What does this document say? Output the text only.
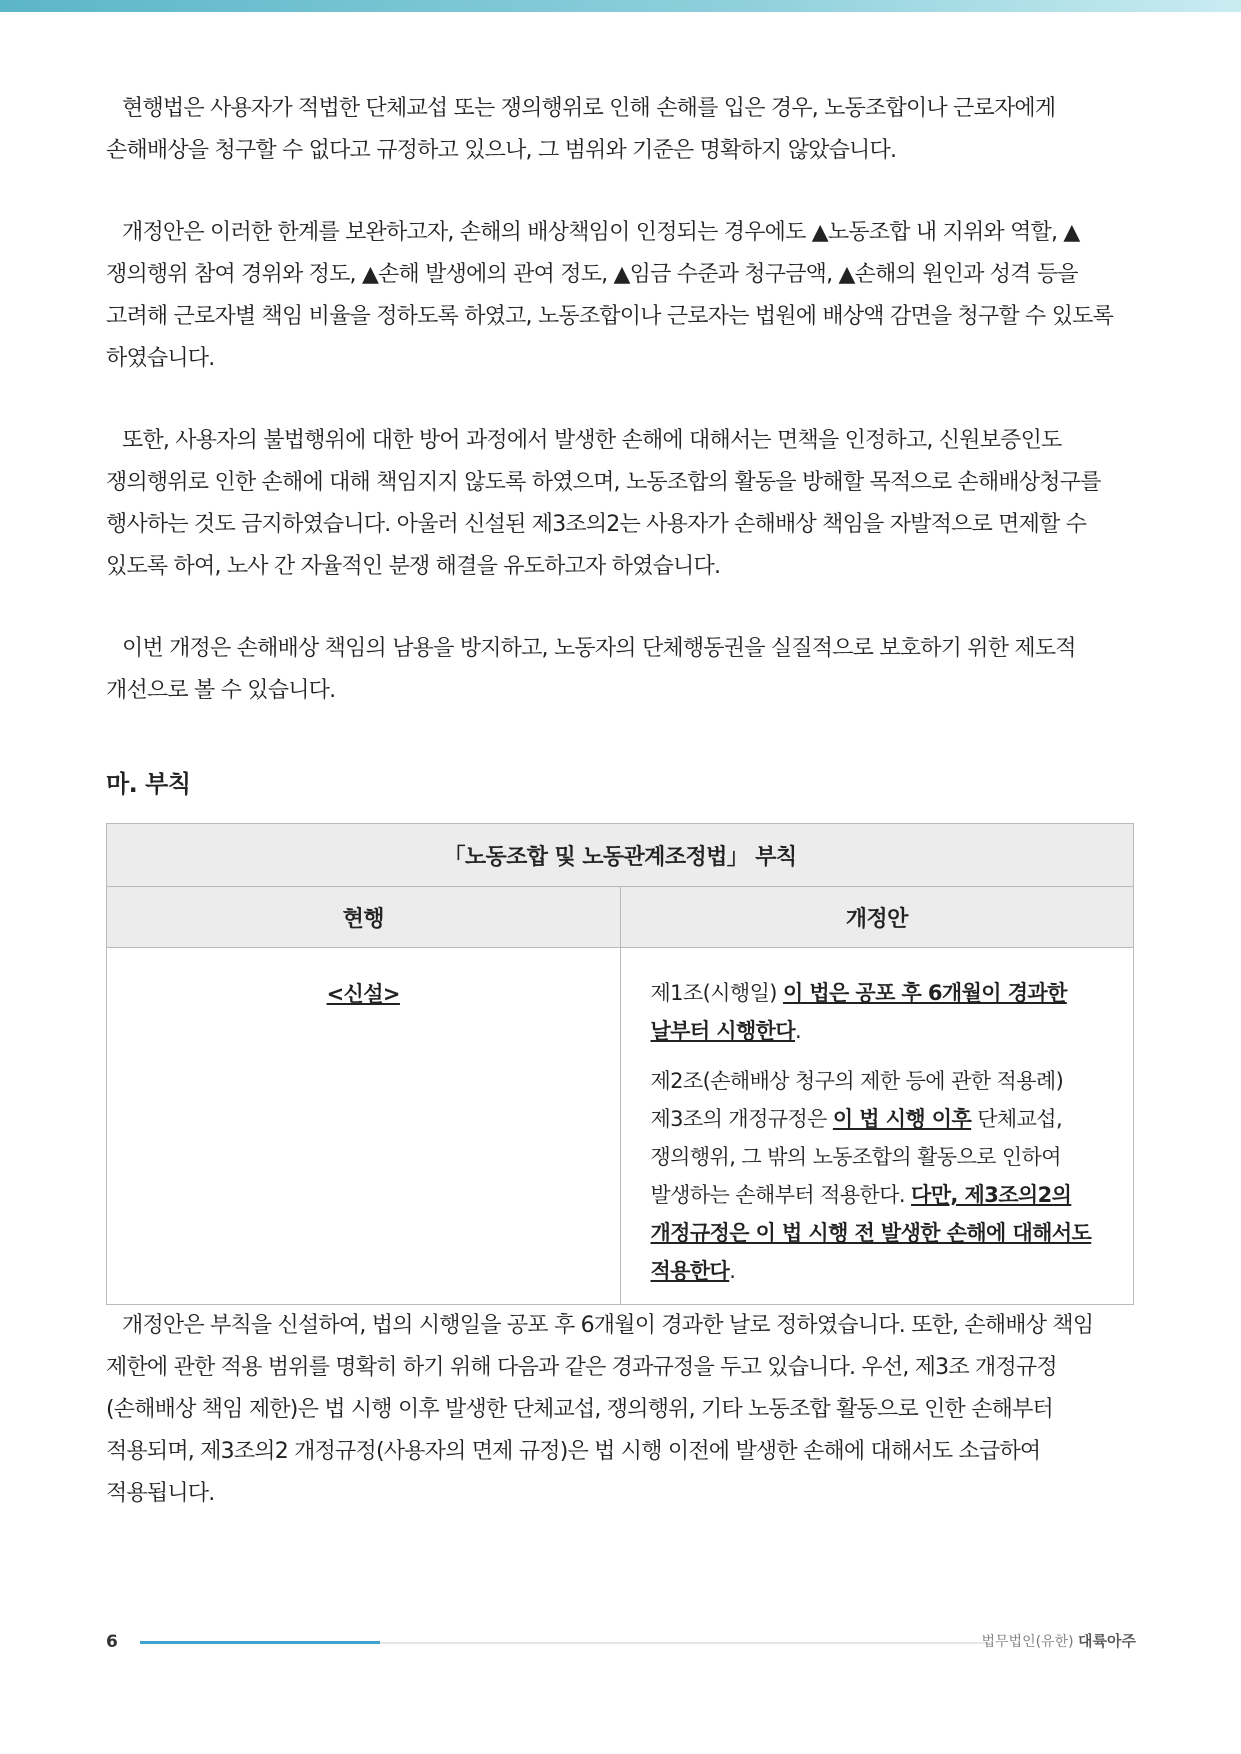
현행법은 사용자가 적법한 단체교섭 또는 쟁의행위로 인해 손해를 입은 경우, 노동조합이나 근로자에게 손해배상을 청구할 수 없다고 규정하고 있으나, 그 범위와 기준은 명확하지 않았습니다.

개정안은 이러한 한계를 보완하고자, 손해의 배상책임이 인정되는 경우에도 ▲노동조합 내 지위와 역할, ▲쟁의행위 참여 경위와 정도, ▲손해 발생에의 관여 정도, ▲임금 수준과 청구금액, ▲손해의 원인과 성격 등을 고려해 근로자별 책임 비율을 정하도록 하였고, 노동조합이나 근로자는 법원에 배상액 감면을 청구할 수 있도록 하였습니다.

또한, 사용자의 불법행위에 대한 방어 과정에서 발생한 손해에 대해서는 면책을 인정하고, 신원보증인도 쟁의행위로 인한 손해에 대해 책임지지 않도록 하였으며, 노동조합의 활동을 방해할 목적으로 손해배상청구를 행사하는 것도 금지하였습니다. 아울러 신설된 제3조의2는 사용자가 손해배상 책임을 자발적으로 면제할 수 있도록 하여, 노사 간 자율적인 분쟁 해결을 유도하고자 하였습니다.

이번 개정은 손해배상 책임의 남용을 방지하고, 노동자의 단체행동권을 실질적으로 보호하기 위한 제도적 개선으로 볼 수 있습니다.

마. 부칙
「노동조합 및 노동관계조정법」 부칙	
현행	개정안

<신설>	제1조(시행일) 이 법은 공포 후 6개월이 경과한 날부터 시행한다.

제2조(손해배상 청구의 제한 등에 관한 적용례) 제3조의 개정규정은 이 법 시행 이후 단체교섭, 쟁의행위, 그 밖의 노동조합의 활동으로 인하여 발생하는 손해부터 적용한다. 다만, 제3조의2의 개정규정은 이 법 시행 전 발생한 손해에 대해서도 적용한다.

개정안은 부칙을 신설하여, 법의 시행일을 공포 후 6개월이 경과한 날로 정하였습니다. 또한, 손해배상 책임 제한에 관한 적용 범위를 명확히 하기 위해 다음과 같은 경과규정을 두고 있습니다. 우선, 제3조 개정규정(손해배상 책임 제한)은 법 시행 이후 발생한 단체교섭, 쟁의행위, 기타 노동조합 활동으로 인한 손해부터 적용되며, 제3조의2 개정규정(사용자의 면제 규정)은 법 시행 이전에 발생한 손해에 대해서도 소급하여 적용됩니다.

6	법무법인(유한) 대륙아주
